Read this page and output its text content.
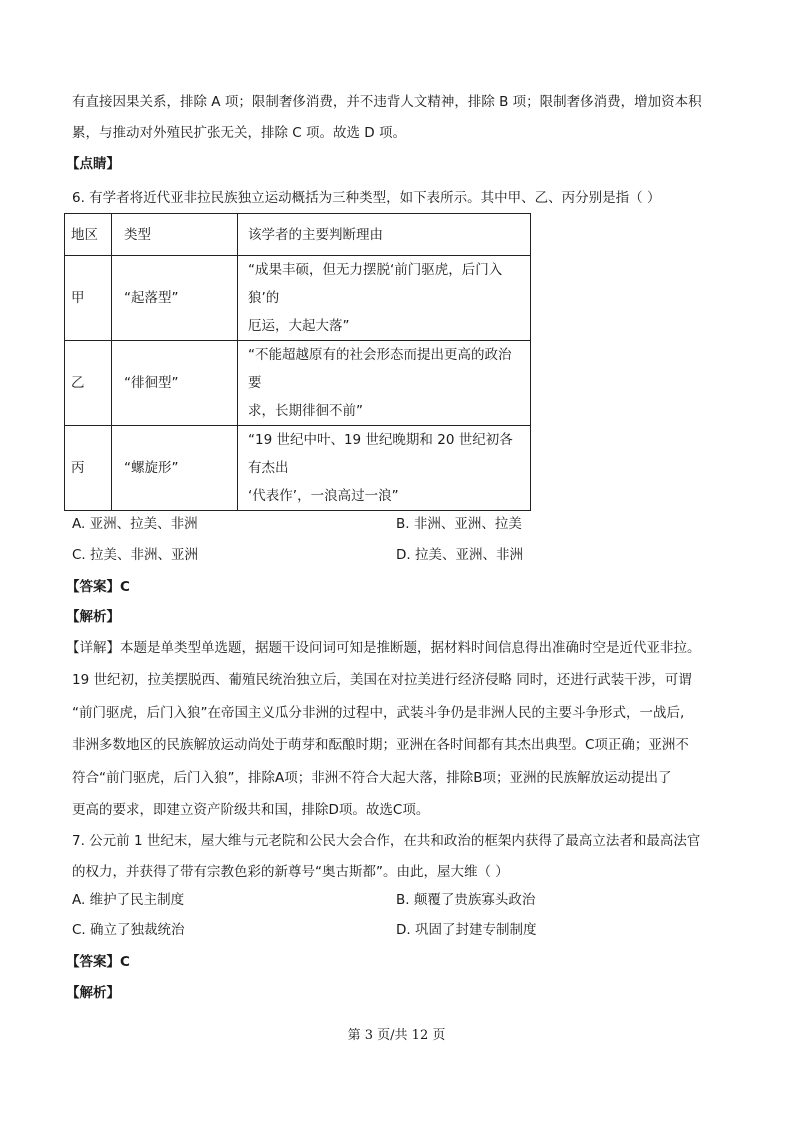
有直接因果关系，排除 A 项；限制奢侈消费，并不违背人文精神，排除 B 项；限制奢侈消费，增加资本积
累，与推动对外殖民扩张无关，排除 C 项。故选 D 项。
【点睛】
6. 有学者将近代亚非拉民族独立运动概括为三种类型，如下表所示。其中甲、乙、丙分别是指（ ）
地区	类型	该学者的主要判断理由
甲	“起落型”	“成果丰硕，但无力摆脱‘前门驱虎，后门入狼’的
厄运，大起大落”

乙	“徘徊型”	“不能超越原有的社会形态而提出更高的政治要
求，长期徘徊不前”

丙	“螺旋形”	“19 世纪中叶、19 世纪晚期和 20 世纪初各有杰出
‘代表作’，一浪高过一浪”
A. 亚洲、拉美、非洲	B. 非洲、亚洲、拉美
C. 拉美、非洲、亚洲	D. 拉美、亚洲、非洲
【答案】C
【解析】
【详解】本题是单类型单选题，据题干设问词可知是推断题，据材料时间信息得出准确时空是近代亚非拉。
19 世纪初，拉美摆脱西、葡殖民统治独立后，美国在对拉美进行经济侵略 同时，还进行武装干涉，可谓
“前门驱虎，后门入狼”在帝国主义瓜分非洲的过程中，武装斗争仍是非洲人民的主要斗争形式，一战后,
非洲多数地区的民族解放运动尚处于萌芽和酝酿时期；亚洲在各时间都有其杰出典型。C项正确；亚洲不
符合“前门驱虎，后门入狼”，排除A项；非洲不符合大起大落，排除B项；亚洲的民族解放运动提出了
更高的要求，即建立资产阶级共和国，排除D项。故选C项。
7. 公元前 1 世纪末，屋大维与元老院和公民大会合作，在共和政治的框架内获得了最高立法者和最高法官
的权力，并获得了带有宗教色彩的新尊号“奥古斯都”。由此，屋大维（ ）
A. 维护了民主制度	B. 颠覆了贵族寡头政治
C. 确立了独裁统治	D. 巩固了封建专制制度
【答案】C
【解析】
第 3 页/共 12 页
